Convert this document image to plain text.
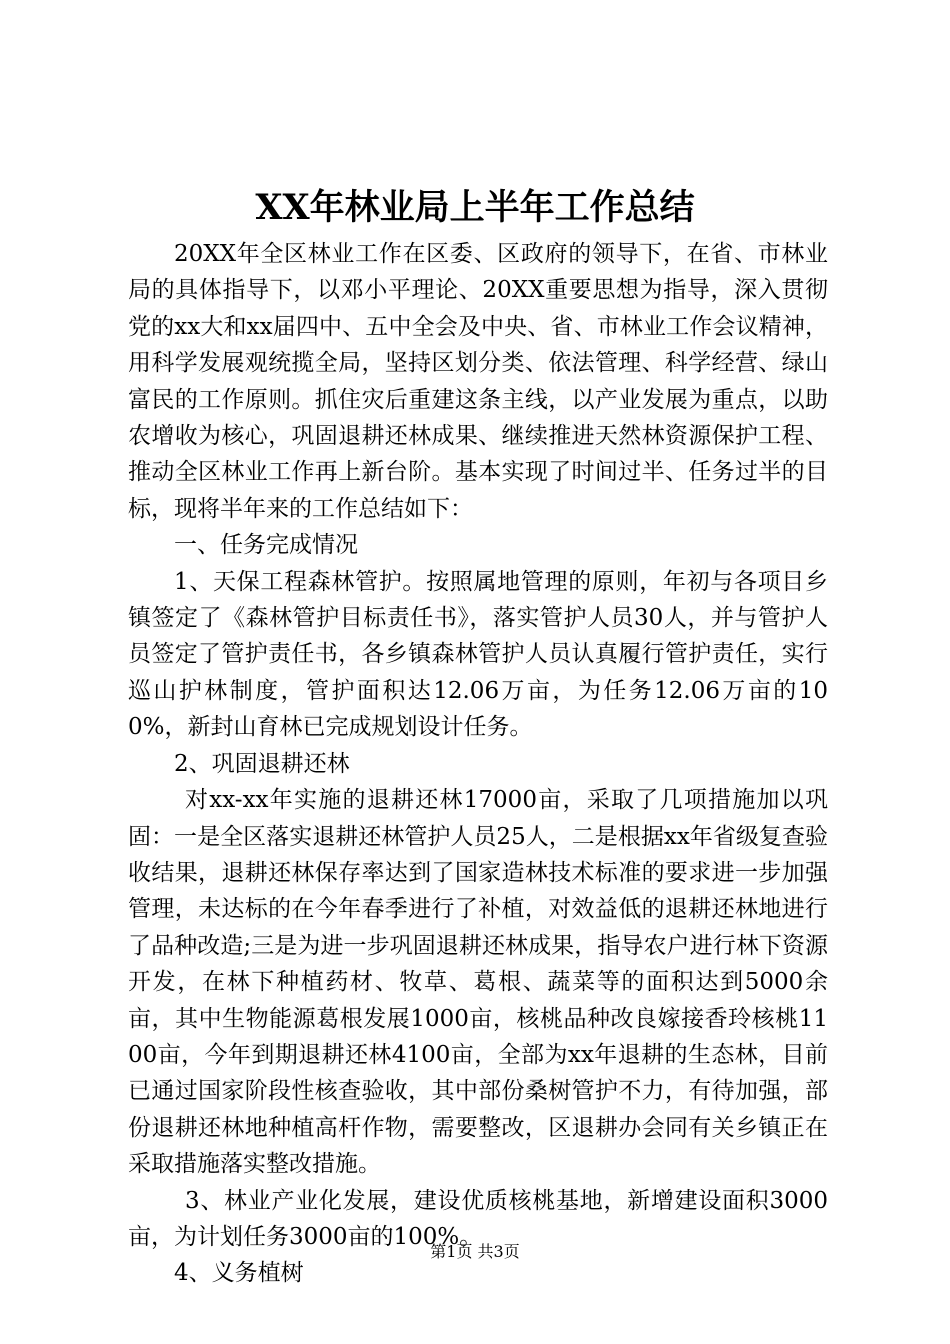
XX年林业局上半年工作总结

20XX年全区林业工作在区委、区政府的领导下，在省、市林业局的具体指导下，以邓小平理论、20XX重要思想为指导，深入贯彻党的xx大和xx届四中、五中全会及中央、省、市林业工作会议精神，用科学发展观统揽全局，坚持区划分类、依法管理、科学经营、绿山富民的工作原则。抓住灾后重建这条主线，以产业发展为重点，以助农增收为核心，巩固退耕还林成果、继续推进天然林资源保护工程、推动全区林业工作再上新台阶。基本实现了时间过半、任务过半的目标，现将半年来的工作总结如下：

一、任务完成情况

1、天保工程森林管护。按照属地管理的原则，年初与各项目乡镇签定了《森林管护目标责任书》，落实管护人员30人，并与管护人员签定了管护责任书，各乡镇森林管护人员认真履行管护责任，实行巡山护林制度，管护面积达12.06万亩，为任务12.06万亩的100%，新封山育林已完成规划设计任务。

2、巩固退耕还林

对xx-xx年实施的退耕还林17000亩，采取了几项措施加以巩固：一是全区落实退耕还林管护人员25人，二是根据xx年省级复查验收结果，退耕还林保存率达到了国家造林技术标准的要求进一步加强管理，未达标的在今年春季进行了补植，对效益低的退耕还林地进行了品种改造;三是为进一步巩固退耕还林成果，指导农户进行林下资源开发，在林下种植药材、牧草、葛根、蔬菜等的面积达到5000余亩，其中生物能源葛根发展1000亩，核桃品种改良嫁接香玲核桃1100亩，今年到期退耕还林4100亩，全部为xx年退耕的生态林，目前已通过国家阶段性核查验收，其中部份桑树管护不力，有待加强，部份退耕还林地种植高杆作物，需要整改，区退耕办会同有关乡镇正在采取措施落实整改措施。

3、林业产业化发展，建设优质核桃基地，新增建设面积3000亩，为计划任务3000亩的100%。

4、义务植树

第1页 共3页
